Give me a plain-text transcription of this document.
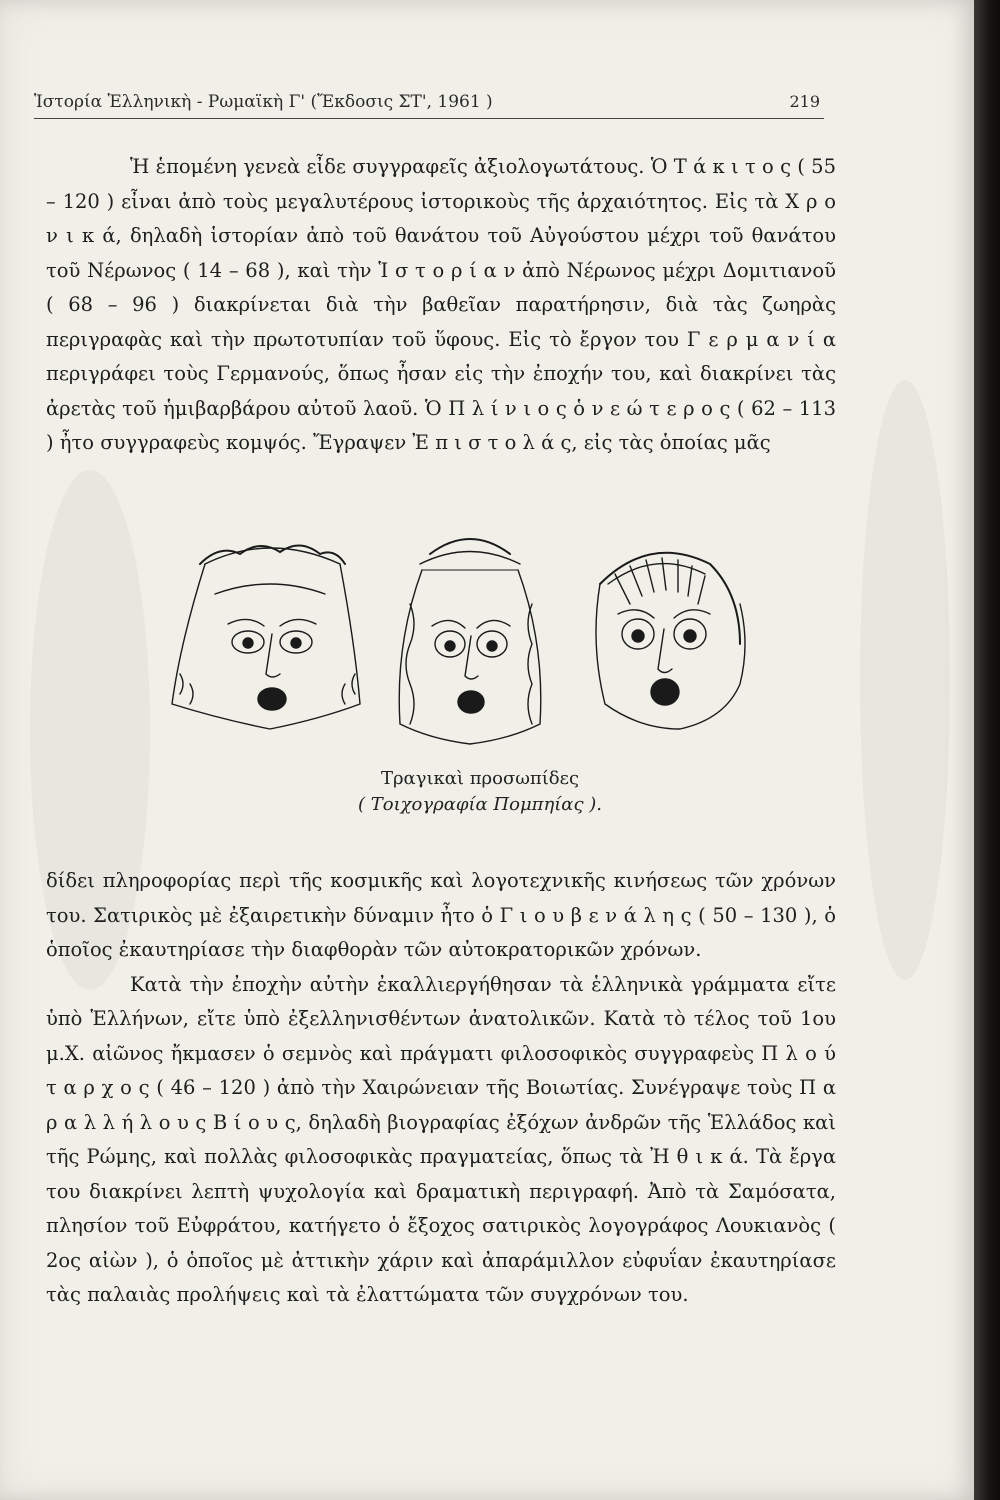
Ἱστορία Ἑλληνικὴ - Ρωμαϊκὴ Γ' (Ἔκδοσις ΣΤ', 1961 )	219

Ἡ ἑπομένη γενεὰ εἶδε συγγραφεῖς ἀξιολογωτάτους. Ὁ Τ ά κ ι τ ο ς ( 55 – 120 ) εἶναι ἀπὸ τοὺς μεγαλυτέρους ἱστορικοὺς τῆς ἀρχαιότητος. Εἰς τὰ Χ ρ ο ν ι κ ά, δηλαδὴ ἱστορίαν ἀπὸ τοῦ θανάτου τοῦ Αὐγούστου μέχρι τοῦ θανάτου τοῦ Νέρωνος ( 14 – 68 ), καὶ τὴν Ἱ σ τ ο ρ ί α ν ἀπὸ Νέρωνος μέχρι Δομιτιανοῦ ( 68 – 96 ) διακρίνεται διὰ τὴν βαθεῖαν παρατήρησιν, διὰ τὰς ζωηρὰς περιγραφὰς καὶ τὴν πρωτοτυπίαν τοῦ ὕφους. Εἰς τὸ ἔργον του Γ ε ρ μ α ν ί α περιγράφει τοὺς Γερμανούς, ὅπως ἦσαν εἰς τὴν ἐποχήν του, καὶ διακρίνει τὰς ἀρετὰς τοῦ ἡμιβαρβάρου αὐτοῦ λαοῦ. Ὁ Π λ ί ν ι ο ς ὁ ν ε ώ τ ε ρ ο ς ( 62 – 113 ) ἦτο συγγραφεὺς κομψός. Ἔγραψεν Ἐ π ι σ τ ο λ ά ς, εἰς τὰς ὁποίας μᾶς

Τραγικαὶ προσωπίδες
( Τοιχογραφία Πομπηίας ).

δίδει πληροφορίας περὶ τῆς κοσμικῆς καὶ λογοτεχνικῆς κινήσεως τῶν χρόνων του. Σατιρικὸς μὲ ἐξαιρετικὴν δύναμιν ἦτο ὁ Γ ι ο υ β ε ν ά λ η ς ( 50 – 130 ), ὁ ὁποῖος ἐκαυτηρίασε τὴν διαφθορὰν τῶν αὐτοκρατορικῶν χρόνων.

Κατὰ τὴν ἐποχὴν αὐτὴν ἐκαλλιεργήθησαν τὰ ἑλληνικὰ γράμματα εἴτε ὑπὸ Ἑλλήνων, εἴτε ὑπὸ ἐξελληνισθέντων ἀνατολικῶν. Κατὰ τὸ τέλος τοῦ 1ου μ.Χ. αἰῶνος ἤκμασεν ὁ σεμνὸς καὶ πράγματι φιλοσοφικὸς συγγραφεὺς Π λ ο ύ τ α ρ χ ο ς ( 46 – 120 ) ἀπὸ τὴν Χαιρώνειαν τῆς Βοιωτίας. Συνέγραψε τοὺς Π α ρ α λ λ ή λ ο υ ς Β ί ο υ ς, δηλαδὴ βιογραφίας ἐξόχων ἀνδρῶν τῆς Ἑλλάδος καὶ τῆς Ρώμης, καὶ πολλὰς φιλοσοφικὰς πραγματείας, ὅπως τὰ Ἠ θ ι κ ά. Τὰ ἔργα του διακρίνει λεπτὴ ψυχολογία καὶ δραματικὴ περιγραφή. Ἀπὸ τὰ Σαμόσατα, πλησίον τοῦ Εὐφράτου, κατήγετο ὁ ἔξοχος σατιρικὸς λογογράφος Λουκιανὸς ( 2ος αἰὼν ), ὁ ὁποῖος μὲ ἀττικὴν χάριν καὶ ἀπαράμιλλον εὐφυΐαν ἐκαυτηρίασε τὰς παλαιὰς προλήψεις καὶ τὰ ἐλαττώματα τῶν συγχρόνων του.
